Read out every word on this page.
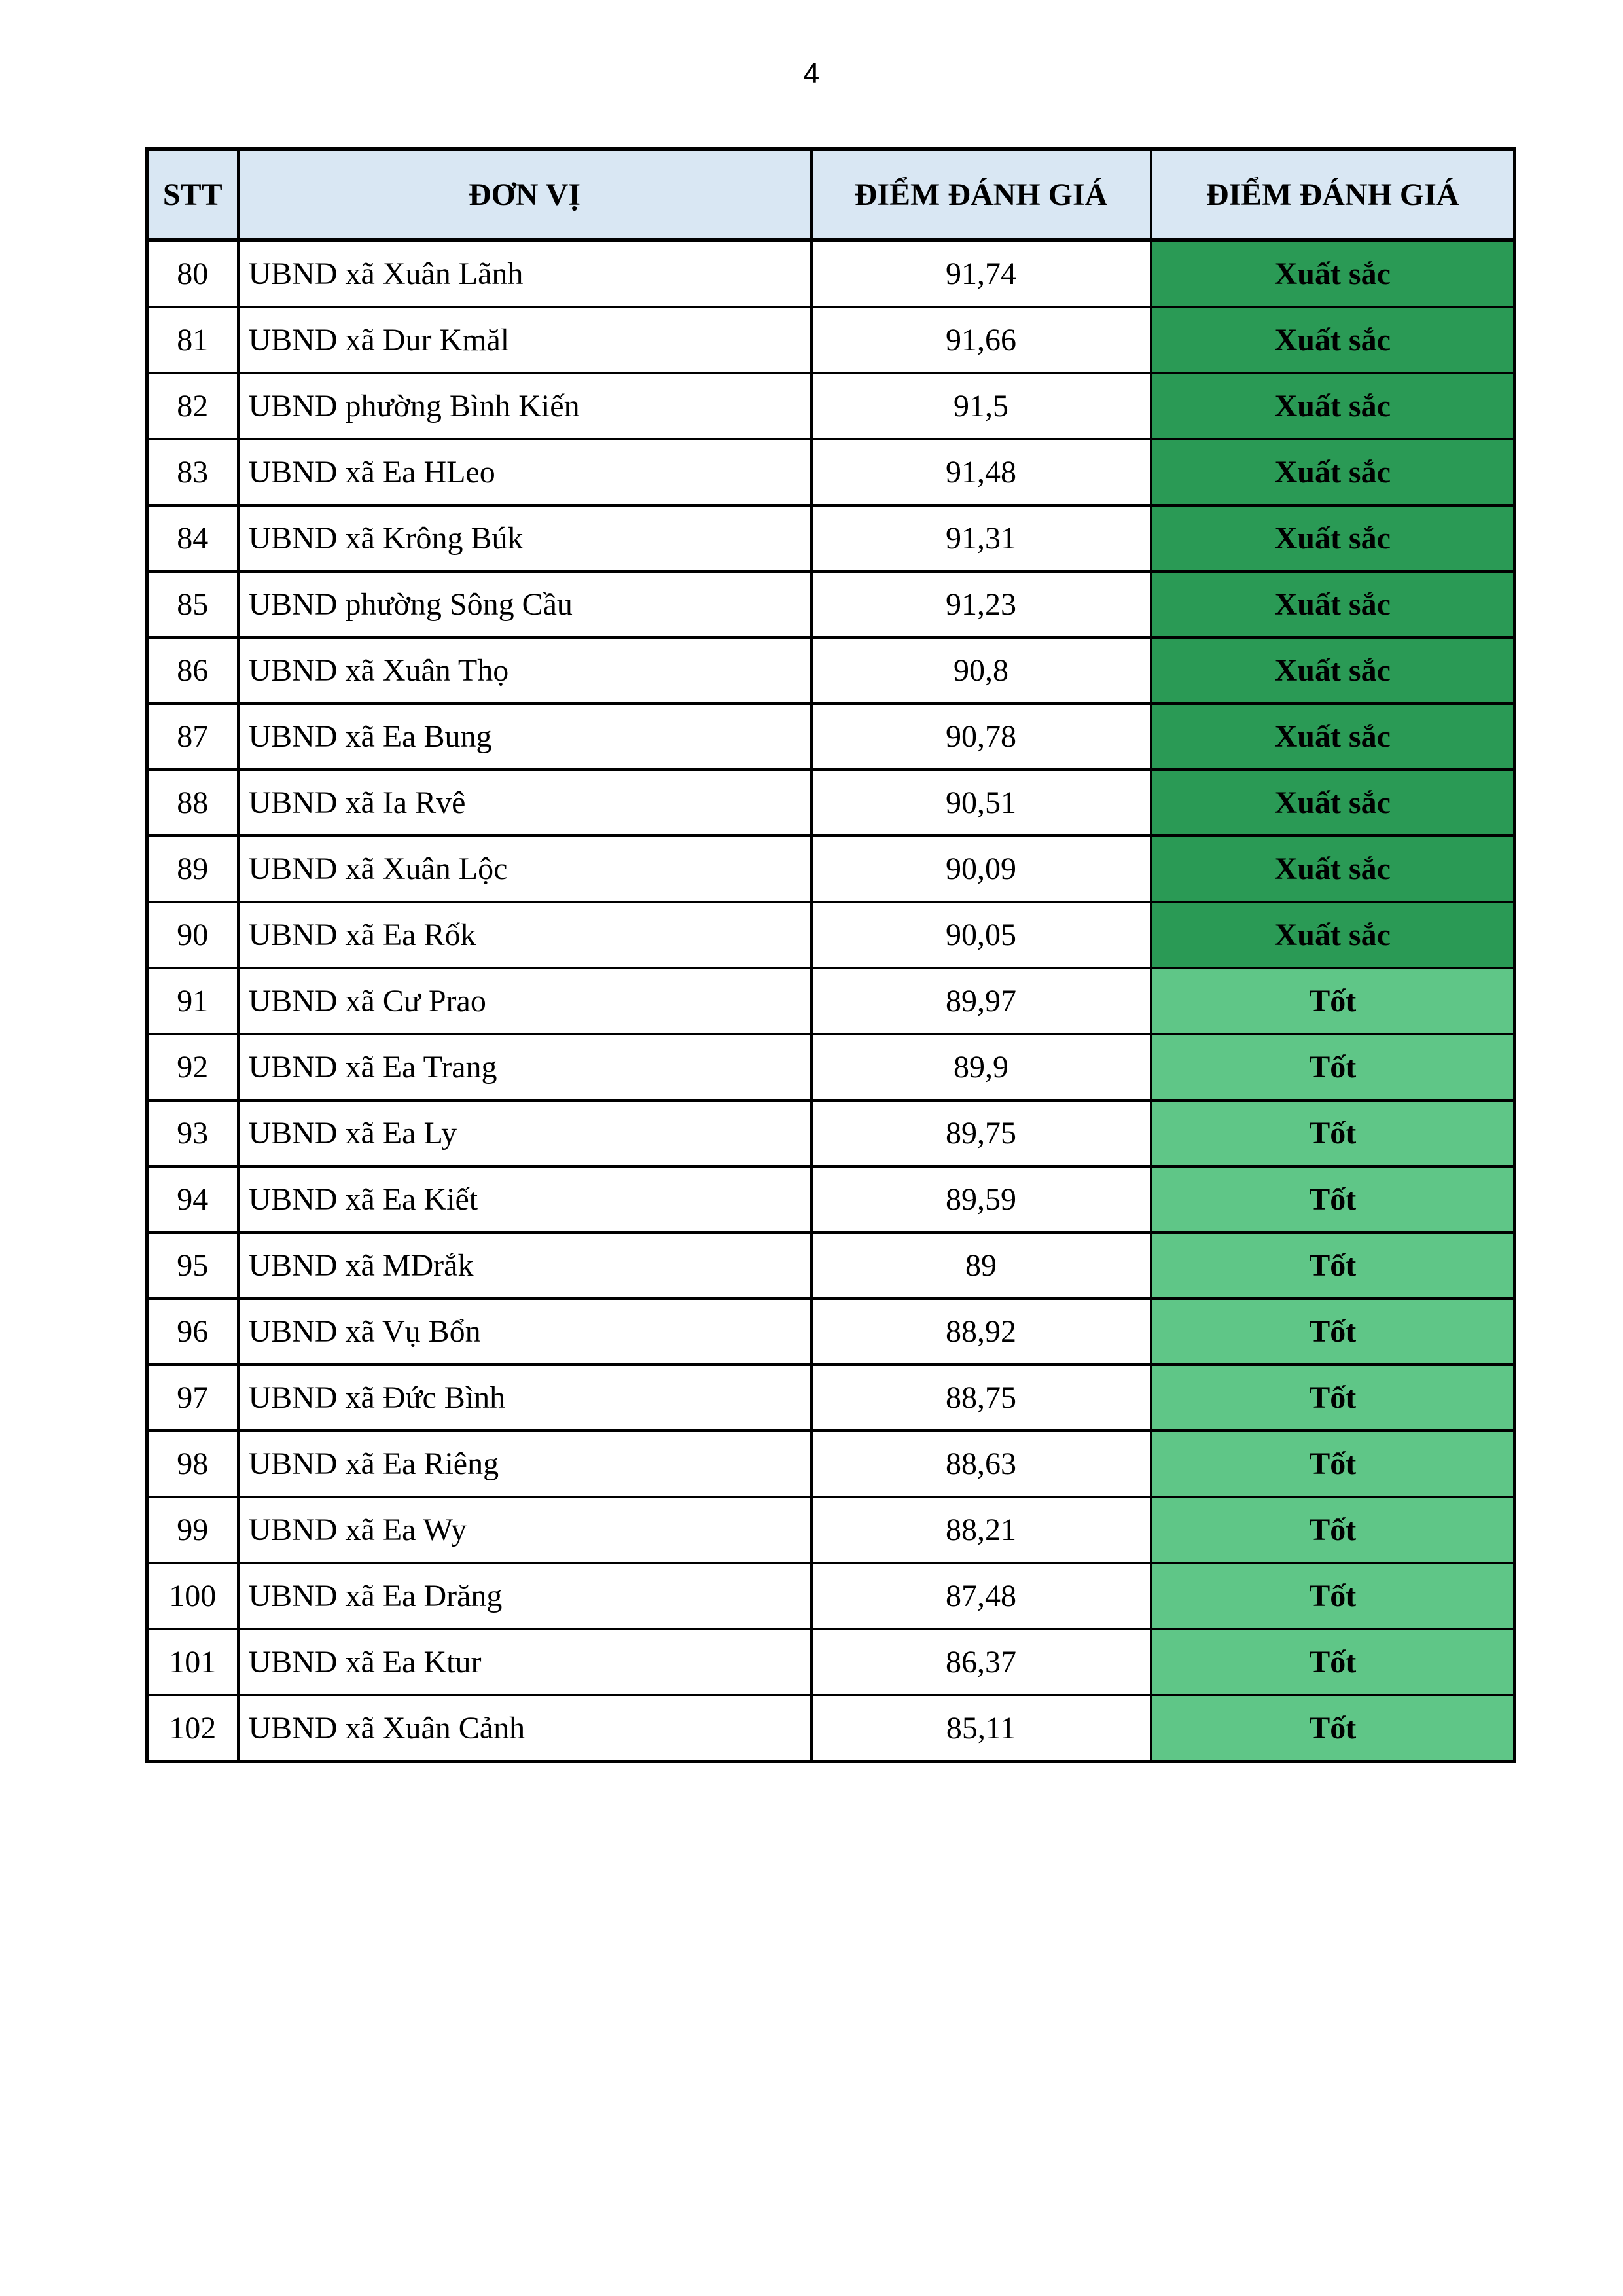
4
STT	ĐƠN VỊ	ĐIỂM ĐÁNH GIÁ	ĐIỂM ĐÁNH GIÁ
80	UBND xã Xuân Lãnh	91,74	Xuất sắc
81	UBND xã Dur Kmăl	91,66	Xuất sắc
82	UBND phường Bình Kiến	91,5	Xuất sắc
83	UBND xã Ea HLeo	91,48	Xuất sắc
84	UBND xã Krông Búk	91,31	Xuất sắc
85	UBND phường Sông Cầu	91,23	Xuất sắc
86	UBND xã Xuân Thọ	90,8	Xuất sắc
87	UBND xã Ea Bung	90,78	Xuất sắc
88	UBND xã Ia Rvê	90,51	Xuất sắc
89	UBND xã Xuân Lộc	90,09	Xuất sắc
90	UBND xã Ea Rốk	90,05	Xuất sắc
91	UBND xã Cư Prao	89,97	Tốt
92	UBND xã Ea Trang	89,9	Tốt
93	UBND xã Ea Ly	89,75	Tốt
94	UBND xã Ea Kiết	89,59	Tốt
95	UBND xã MDrắk	89	Tốt
96	UBND xã Vụ Bổn	88,92	Tốt
97	UBND xã Đức Bình	88,75	Tốt
98	UBND xã Ea Riêng	88,63	Tốt
99	UBND xã Ea Wy	88,21	Tốt
100	UBND xã Ea Drăng	87,48	Tốt
101	UBND xã Ea Ktur	86,37	Tốt
102	UBND xã Xuân Cảnh	85,11	Tốt
